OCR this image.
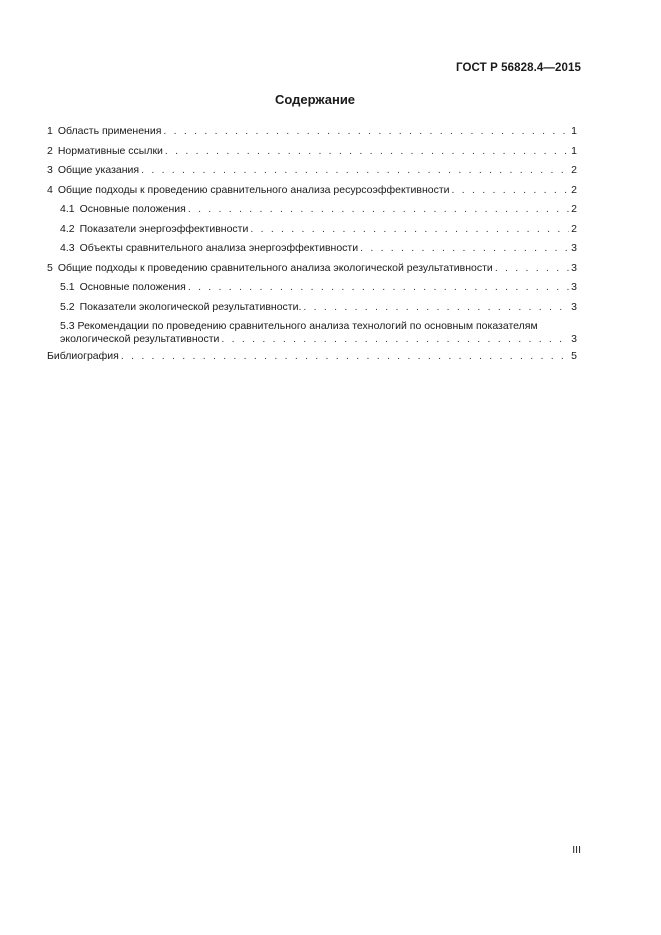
ГОСТ Р 56828.4—2015
Содержание
1 Область применения . . .	1
2 Нормативные ссылки . . .	1
3 Общие указания . . .	2
4 Общие подходы к проведению сравнительного анализа ресурсоэффективности . . .	2
4.1 Основные положения . . .	2
4.2 Показатели энергоэффективности . . .	2
4.3 Объекты сравнительного анализа энергоэффективности . . .	3
5 Общие подходы к проведению сравнительного анализа экологической результативности . . .	3
5.1 Основные положения . . .	3
5.2 Показатели экологической результативности. . . .	3
5.3 Рекомендации по проведению сравнительного анализа технологий по основным показателям
экологической результативности . . .	3
Библиография . . .	5
III
